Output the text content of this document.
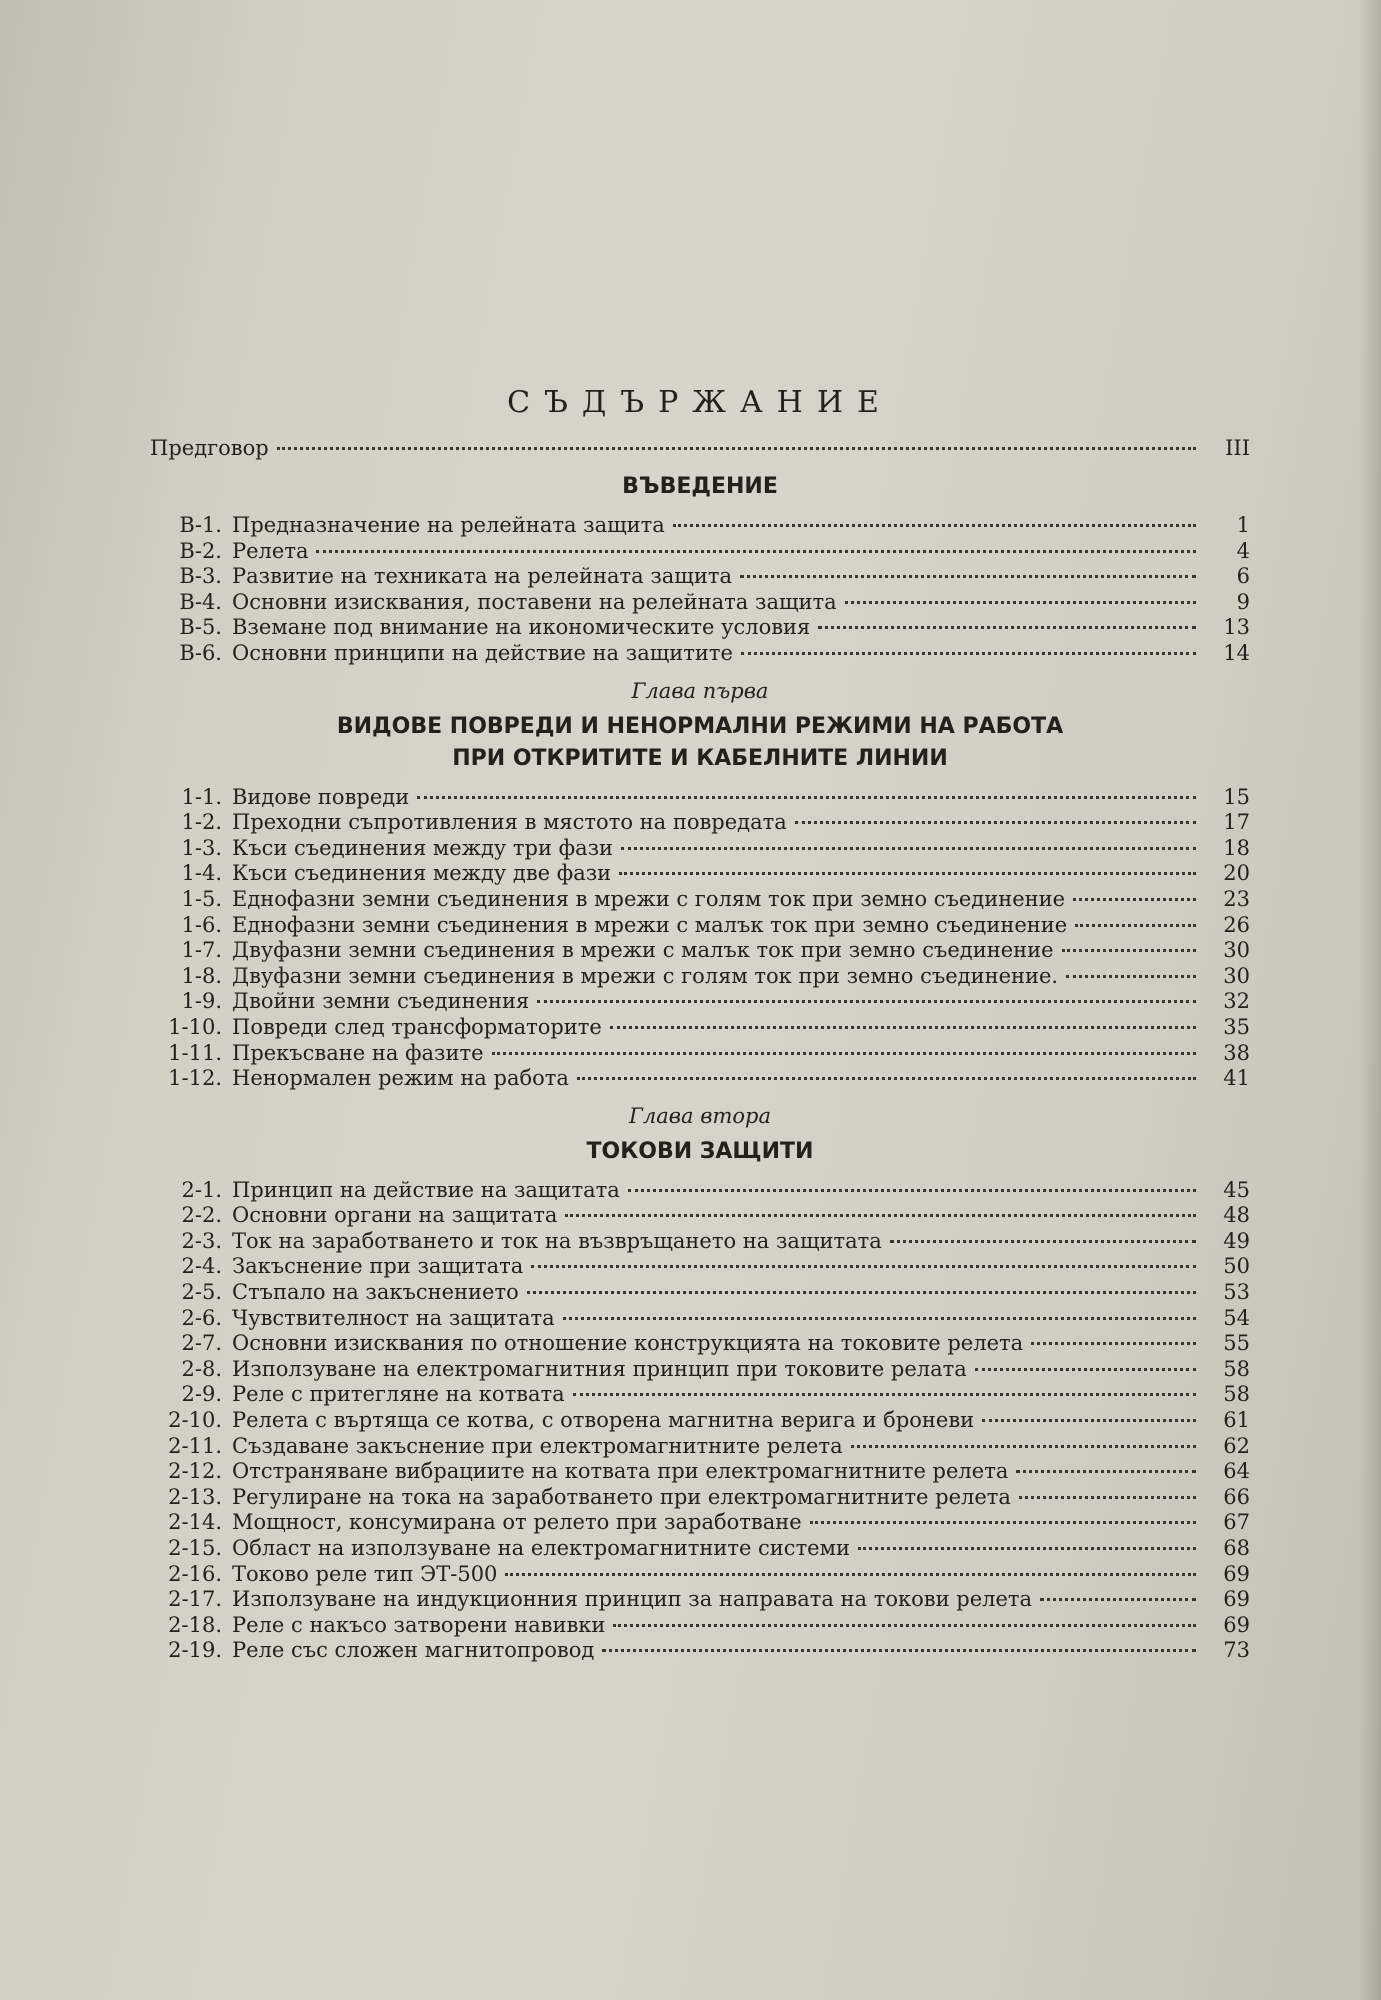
СЪДЪРЖАНИЕ
Предговор	III
ВЪВЕДЕНИЕ
В-1. Предназначение на релейната защита	1
В-2. Релета	4
В-3. Развитие на техниката на релейната защита	6
В-4. Основни изисквания, поставени на релейната защита	9
В-5. Вземане под внимание на икономическите условия	13
В-6. Основни принципи на действие на защитите	14
Глава първа
ВИДОВЕ ПОВРЕДИ И НЕНОРМАЛНИ РЕЖИМИ НА РАБОТА
ПРИ ОТКРИТИТЕ И КАБЕЛНИТЕ ЛИНИИ
1-1. Видове повреди	15
1-2. Преходни съпротивления в мястото на повредата	17
1-3. Къси съединения между три фази	18
1-4. Къси съединения между две фази	20
1-5. Еднофазни земни съединения в мрежи с голям ток при земно съединение	23
1-6. Еднофазни земни съединения в мрежи с малък ток при земно съединение	26
1-7. Двуфазни земни съединения в мрежи с малък ток при земно съединение	30
1-8. Двуфазни земни съединения в мрежи с голям ток при земно съединение.	30
1-9. Двойни земни съединения	32
1-10. Повреди след трансформаторите	35
1-11. Прекъсване на фазите	38
1-12. Ненормален режим на работа	41
Глава втора
ТОКОВИ ЗАЩИТИ
2-1. Принцип на действие на защитата	45
2-2. Основни органи на защитата	48
2-3. Ток на заработването и ток на възвръщането на защитата	49
2-4. Закъснение при защитата	50
2-5. Стъпало на закъснението	53
2-6. Чувствителност на защитата	54
2-7. Основни изисквания по отношение конструкцията на токовите релета	55
2-8. Използуване на електромагнитния принцип при токовите релата	58
2-9. Реле с притегляне на котвата	58
2-10. Релета с въртяща се котва, с отворена магнитна верига и броневи	61
2-11. Създаване закъснение при електромагнитните релета	62
2-12. Отстраняване вибрациите на котвата при електромагнитните релета	64
2-13. Регулиране на тока на заработването при електромагнитните релета	66
2-14. Мощност, консумирана от релето при заработване	67
2-15. Област на използуване на електромагнитните системи	68
2-16. Токово реле тип ЭТ-500	69
2-17. Използуване на индукционния принцип за направата на токови релета	69
2-18. Реле с накъсо затворени навивки	69
2-19. Реле със сложен магнитопровод	73
